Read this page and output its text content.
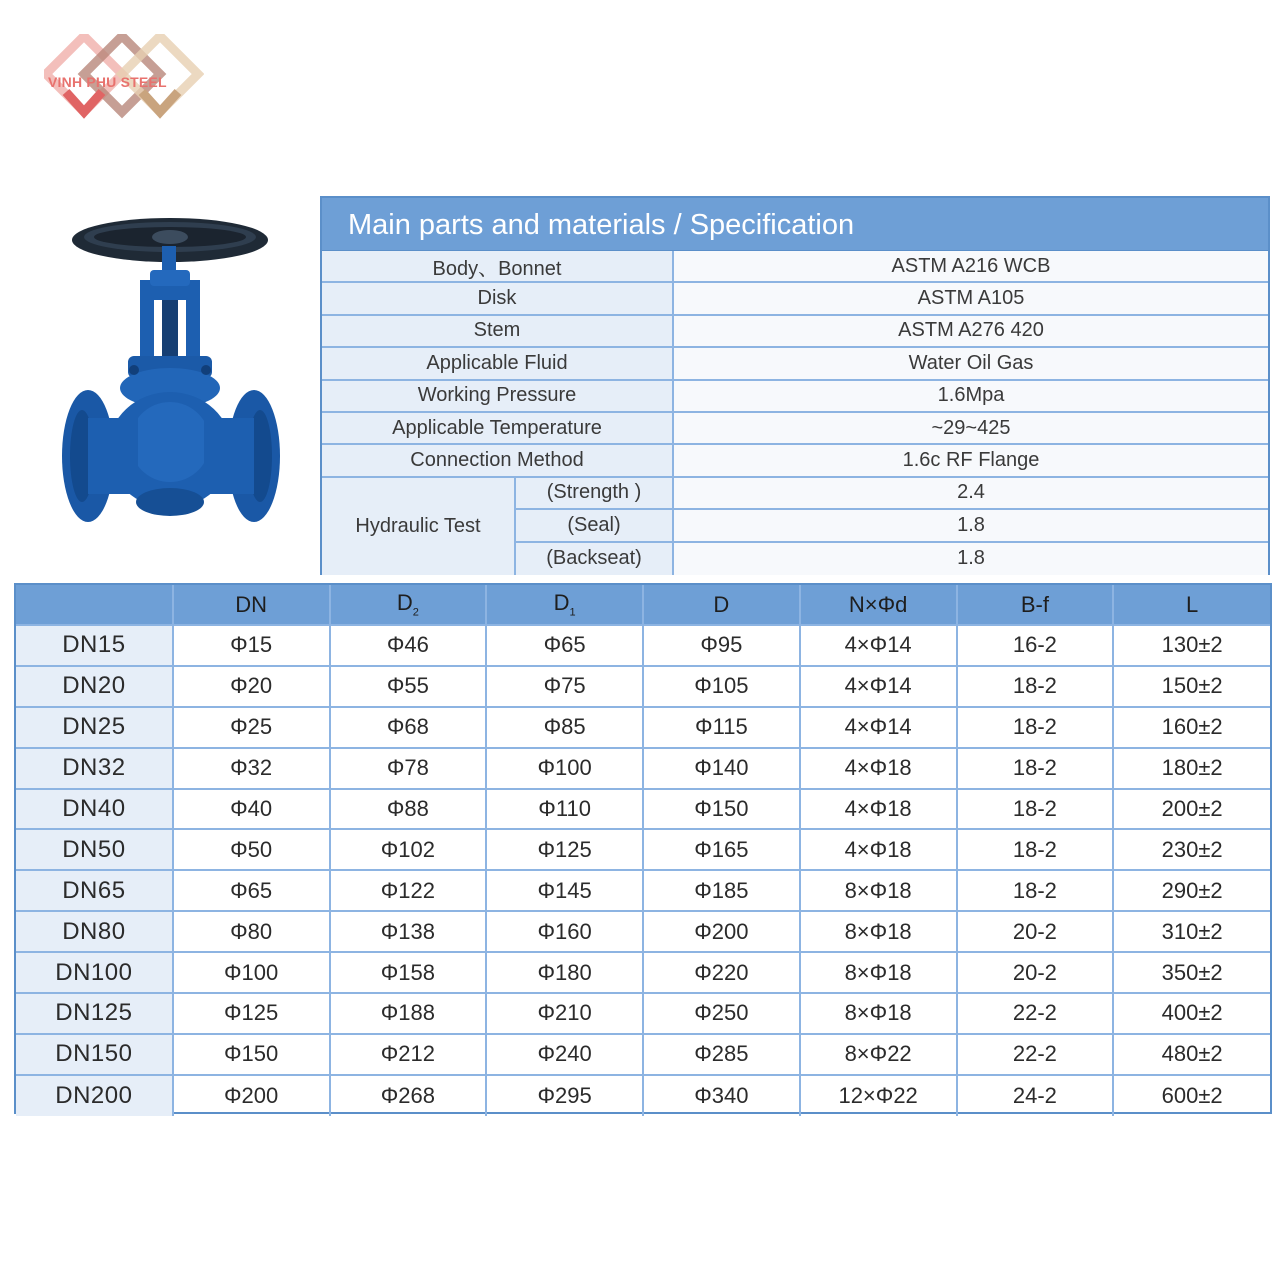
VINH PHU STEEL
Main parts and materials / Specification
Body、Bonnet	ASTM A216 WCB
Disk	ASTM A105
Stem	ASTM A276 420
Applicable Fluid	Water Oil Gas
Working Pressure	1.6Mpa
Applicable Temperature	~29~425
Connection Method	1.6c RF Flange
Hydraulic Test
(Strength )	2.4
(Seal)	1.8
(Backseat)	1.8
	DN	$D_2$	$D_1$	D	N×Φd	B-f	L
DN15	Φ15	Φ46	Φ65	Φ95	4×Φ14	16-2	130±2
DN20	Φ20	Φ55	Φ75	Φ105	4×Φ14	18-2	150±2
DN25	Φ25	Φ68	Φ85	Φ115	4×Φ14	18-2	160±2
DN32	Φ32	Φ78	Φ100	Φ140	4×Φ18	18-2	180±2
DN40	Φ40	Φ88	Φ110	Φ150	4×Φ18	18-2	200±2
DN50	Φ50	Φ102	Φ125	Φ165	4×Φ18	18-2	230±2
DN65	Φ65	Φ122	Φ145	Φ185	8×Φ18	18-2	290±2
DN80	Φ80	Φ138	Φ160	Φ200	8×Φ18	20-2	310±2
DN100	Φ100	Φ158	Φ180	Φ220	8×Φ18	20-2	350±2
DN125	Φ125	Φ188	Φ210	Φ250	8×Φ18	22-2	400±2
DN150	Φ150	Φ212	Φ240	Φ285	8×Φ22	22-2	480±2
DN200	Φ200	Φ268	Φ295	Φ340	12×Φ22	24-2	600±2
